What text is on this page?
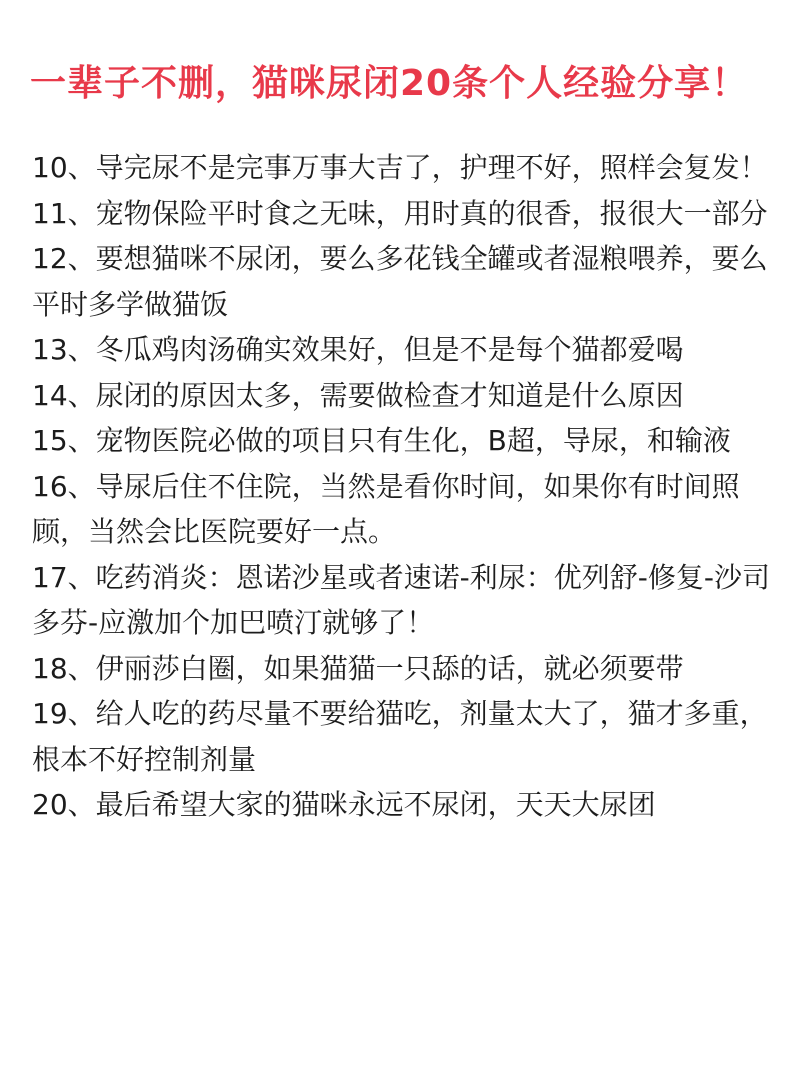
一辈子不删，猫咪尿闭20条个人经验分享！
10、导完尿不是完事万事大吉了，护理不好，照样会复发！
11、宠物保险平时食之无味，用时真的很香，报很大一部分
12、要想猫咪不尿闭，要么多花钱全罐或者湿粮喂养，要么平时多学做猫饭
13、冬瓜鸡肉汤确实效果好，但是不是每个猫都爱喝
14、尿闭的原因太多，需要做检查才知道是什么原因
15、宠物医院必做的项目只有生化，B超，导尿，和输液
16、导尿后住不住院，当然是看你时间，如果你有时间照顾，当然会比医院要好一点。
17、吃药消炎：恩诺沙星或者速诺-利尿：优列舒-修复-沙司多芬-应激加个加巴喷汀就够了！
18、伊丽莎白圈，如果猫猫一只舔的话，就必须要带
19、给人吃的药尽量不要给猫吃，剂量太大了，猫才多重，根本不好控制剂量
20、最后希望大家的猫咪永远不尿闭，天天大尿团
